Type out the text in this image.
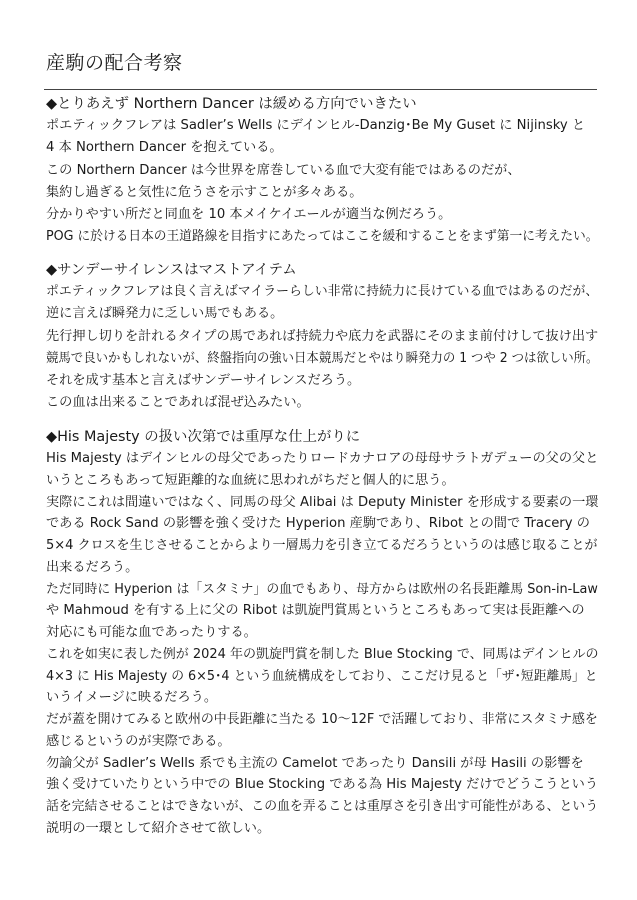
産駒の配合考察
◆とりあえず Northern Dancer は緩める方向でいきたい
ポエティックフレアは Sadler’s Wells にデインヒル-Danzig･Be My Guset に Nijinsky と
4 本 Northern Dancer を抱えている。
この Northern Dancer は今世界を席巻している血で大変有能ではあるのだが、
集約し過ぎると気性に危うさを示すことが多々ある。
分かりやすい所だと同血を 10 本メイケイエールが適当な例だろう。
POG に於ける日本の王道路線を目指すにあたってはここを緩和することをまず第一に考えたい。
◆サンデーサイレンスはマストアイテム
ポエティックフレアは良く言えばマイラーらしい非常に持続力に長けている血ではあるのだが、
逆に言えば瞬発力に乏しい馬でもある。
先行押し切りを計れるタイプの馬であれば持続力や底力を武器にそのまま前付けして抜け出す
競馬で良いかもしれないが、終盤指向の強い日本競馬だとやはり瞬発力の 1 つや 2 つは欲しい所。
それを成す基本と言えばサンデーサイレンスだろう。
この血は出来ることであれば混ぜ込みたい。
◆His Majesty の扱い次第では重厚な仕上がりに
His Majesty はデインヒルの母父であったりロードカナロアの母母サラトガデューの父の父と
いうところもあって短距離的な血統に思われがちだと個人的に思う。
実際にこれは間違いではなく、同馬の母父 Alibai は Deputy Minister を形成する要素の一環
である Rock Sand の影響を強く受けた Hyperion 産駒であり、Ribot との間で Tracery の
5×4 クロスを生じさせることからより一層馬力を引き立てるだろうというのは感じ取ることが
出来るだろう。
ただ同時に Hyperion は「スタミナ」の血でもあり、母方からは欧州の名長距離馬 Son-in-Law
や Mahmoud を有する上に父の Ribot は凱旋門賞馬というところもあって実は長距離への
対応にも可能な血であったりする。
これを如実に表した例が 2024 年の凱旋門賞を制した Blue Stocking で、同馬はデインヒルの
4×3 に His Majesty の 6×5･4 という血統構成をしており、ここだけ見ると「ザ･短距離馬」と
いうイメージに映るだろう。
だが蓋を開けてみると欧州の中長距離に当たる 10～12F で活躍しており、非常にスタミナ感を
感じるというのが実際である。
勿論父が Sadler’s Wells 系でも主流の Camelot であったり Dansili が母 Hasili の影響を
強く受けていたりという中での Blue Stocking である為 His Majesty だけでどうこうという
話を完結させることはできないが、この血を弄ることは重厚さを引き出す可能性がある、という
説明の一環として紹介させて欲しい。
